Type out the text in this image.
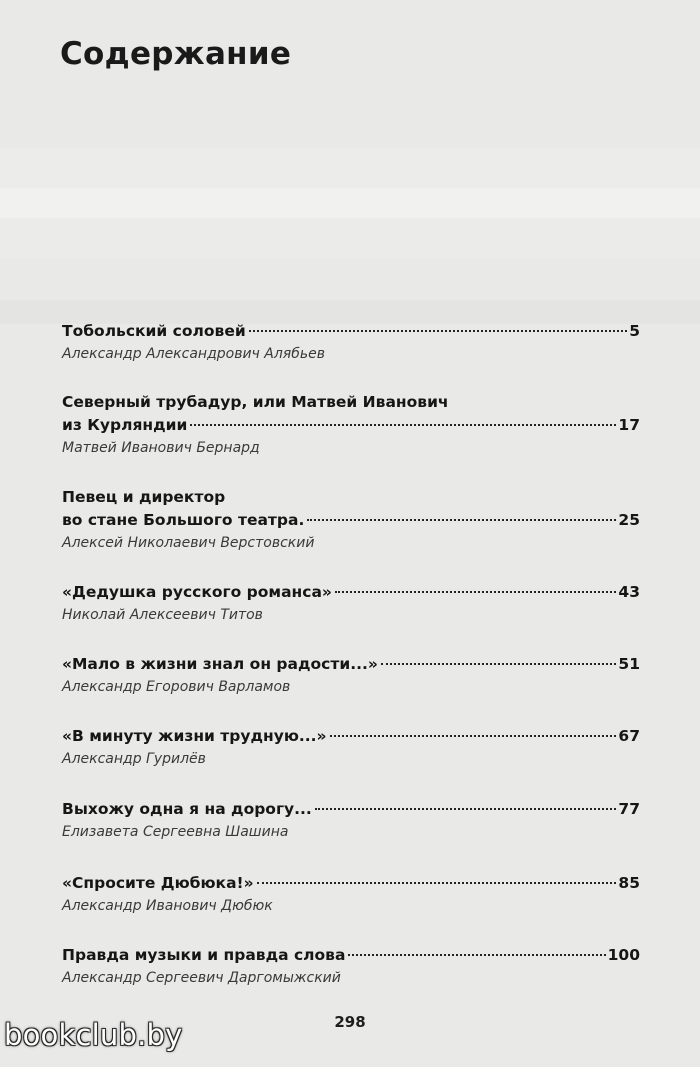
Содержание
Тобольский соловей	5
Александр Александрович Алябьев
Северный трубадур, или Матвей Иванович
из Курляндии	17
Матвей Иванович Бернард
Певец и директор
во стане Большого театра.	25
Алексей Николаевич Верстовский
«Дедушка русского романса»	43
Николай Алексеевич Титов
«Мало в жизни знал он радости...»	51
Александр Егорович Варламов
«В минуту жизни трудную...»	67
Александр Гурилёв
Выхожу одна я на дорогу...	77
Елизавета Сергеевна Шашина
«Спросите Дюбюка!»	85
Александр Иванович Дюбюк
Правда музыки и правда слова	100
Александр Сергеевич Даргомыжский
298
bookclub.by
